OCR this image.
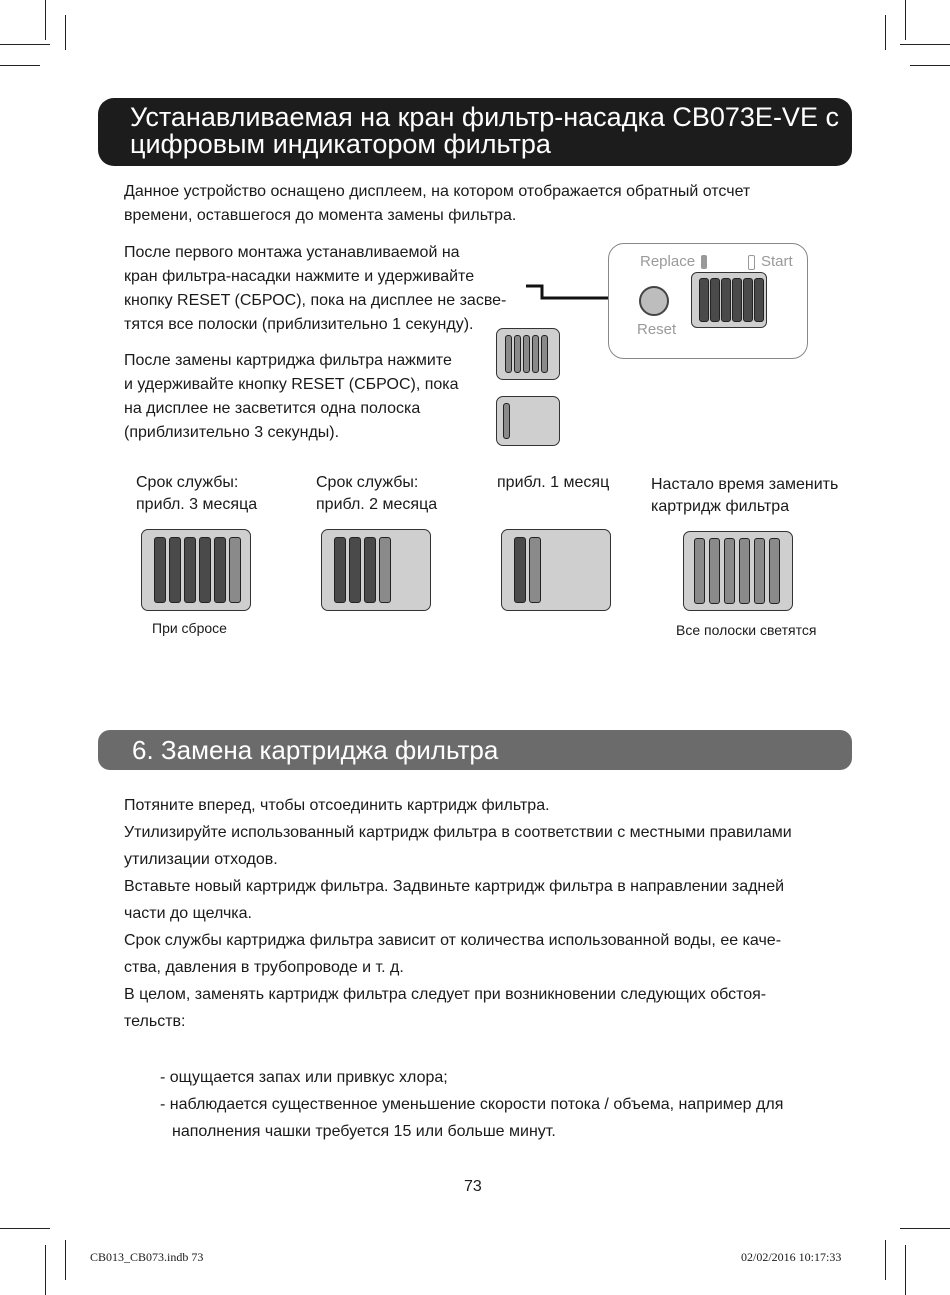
Устанавливаемая на кран фильтр-насадка CB073E-VE с
цифровым индикатором фильтра
Данное устройство оснащено дисплеем, на котором отображается обратный отсчет
времени, оставшегося до момента замены фильтра.
После первого монтажа устанавливаемой на
кран фильтра-насадки нажмите и удерживайте
кнопку RESET (СБРОС), пока на дисплее не засве-
тятся все полоски (приблизительно 1 секунду).
После замены картриджа фильтра нажмите
и удерживайте кнопку RESET (СБРОС), пока
на дисплее не засветится одна полоска
(приблизительно 3 секунды).
Replace	Start
Reset
Срок службы:
прибл. 3 месяца
Срок службы:
прибл. 2 месяца
прибл. 1 месяц	Настало время заменить
картридж фильтра
При сбросе	Все полоски светятся
6. Замена картриджа фильтра
Потяните вперед, чтобы отсоединить картридж фильтра.
Утилизируйте использованный картридж фильтра в соответствии с местными правилами
утилизации отходов.
Вставьте новый картридж фильтра. Задвиньте картридж фильтра в направлении задней
части до щелчка.
Срок службы картриджа фильтра зависит от количества использованной воды, ее каче-
ства, давления в трубопроводе и т. д.
В целом, заменять картридж фильтра следует при возникновении следующих обстоя-
тельств:
- ощущается запах или привкус хлора;
- наблюдается существенное уменьшение скорости потока / объема, например для
наполнения чашки требуется 15 или больше минут.
73
CB013_CB073.indb 73	02/02/2016 10:17:33
